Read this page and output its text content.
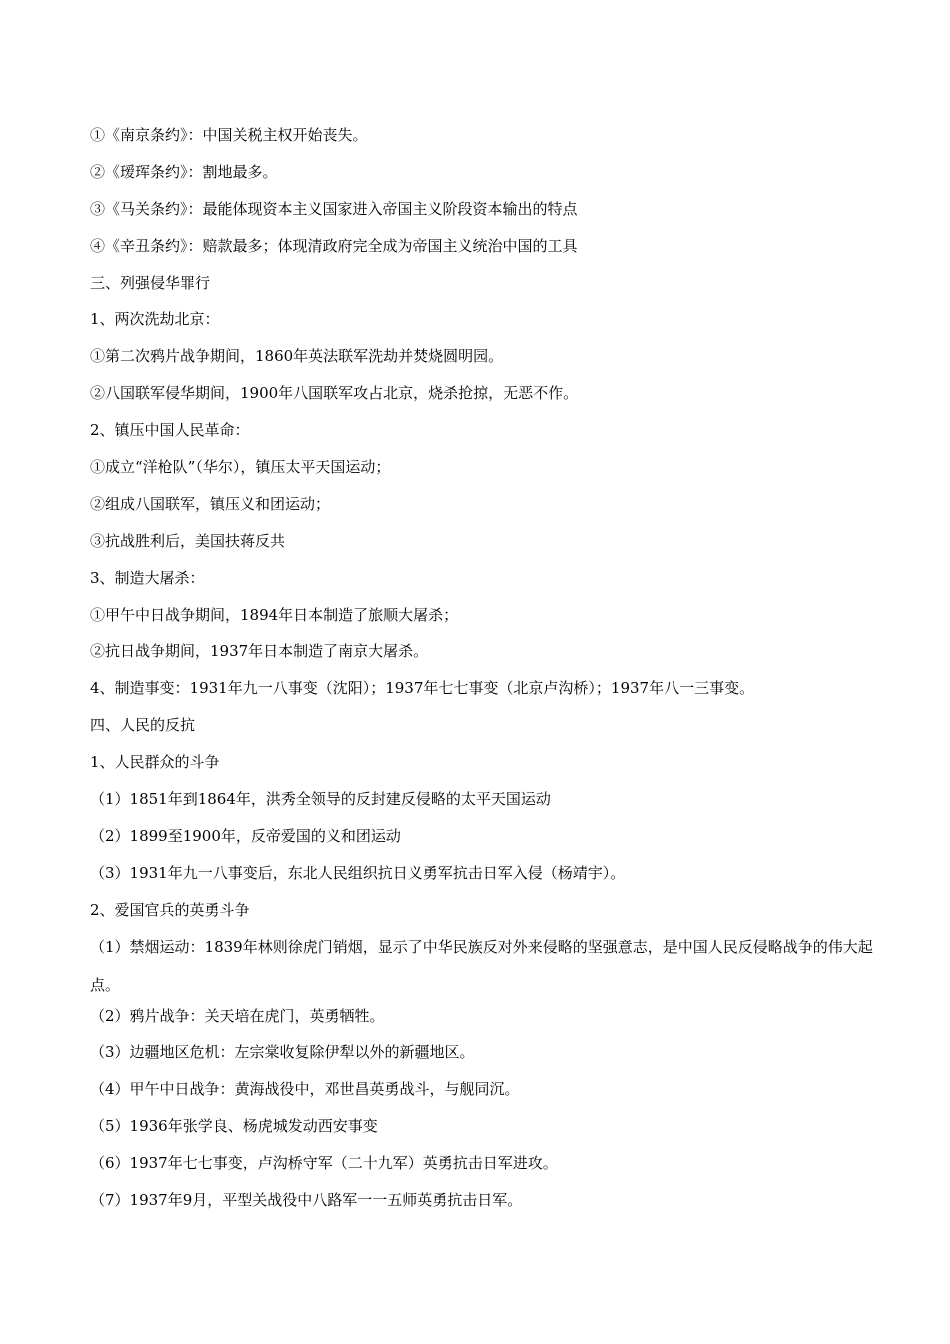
①《南京条约》：中国关税主权开始丧失。
②《瑷珲条约》：割地最多。
③《马关条约》：最能体现资本主义国家进入帝国主义阶段资本输出的特点
④《辛丑条约》：赔款最多；体现清政府完全成为帝国主义统治中国的工具
三、列强侵华罪行
1、两次洗劫北京：
①第二次鸦片战争期间，1860年英法联军洗劫并焚烧圆明园。
②八国联军侵华期间，1900年八国联军攻占北京，烧杀抢掠，无恶不作。
2、镇压中国人民革命：
①成立“洋枪队”（华尔），镇压太平天国运动；
②组成八国联军，镇压义和团运动；
③抗战胜利后，美国扶蒋反共
3、制造大屠杀：
①甲午中日战争期间，1894年日本制造了旅顺大屠杀；
②抗日战争期间，1937年日本制造了南京大屠杀。
4、制造事变：1931年九一八事变（沈阳）；1937年七七事变（北京卢沟桥）；1937年八一三事变。
四、人民的反抗
1、人民群众的斗争
（1）1851年到1864年，洪秀全领导的反封建反侵略的太平天国运动
（2）1899至1900年，反帝爱国的义和团运动
（3）1931年九一八事变后，东北人民组织抗日义勇军抗击日军入侵（杨靖宇）。
2、爱国官兵的英勇斗争
（1）禁烟运动：1839年林则徐虎门销烟，显示了中华民族反对外来侵略的坚强意志，是中国人民反侵略战争的伟大起点。
（2）鸦片战争：关天培在虎门，英勇牺牲。
（3）边疆地区危机：左宗棠收复除伊犁以外的新疆地区。
（4）甲午中日战争：黄海战役中，邓世昌英勇战斗，与舰同沉。
（5）1936年张学良、杨虎城发动西安事变
（6）1937年七七事变，卢沟桥守军（二十九军）英勇抗击日军进攻。
（7）1937年9月，平型关战役中八路军一一五师英勇抗击日军。
